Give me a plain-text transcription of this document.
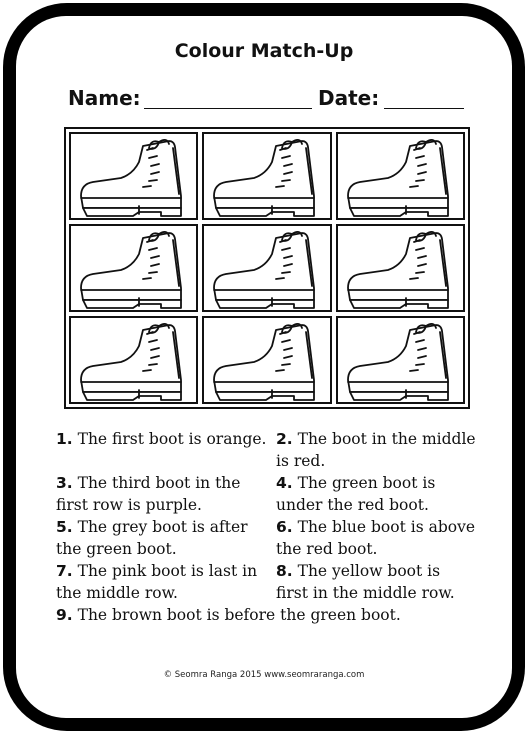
Colour Match-Up
Name:	Date:
1. The first boot is orange. 2. The boot in the middle is red.
3. The third boot in the first row is purple.
4. The green boot is under the red boot.
5. The grey boot is after the green boot.
6. The blue boot is above the red boot.
7. The pink boot is last in the middle row.
8. The yellow boot is first in the middle row.
9. The brown boot is before the green boot.
© Seomra Ranga 2015 www.seomraranga.com
